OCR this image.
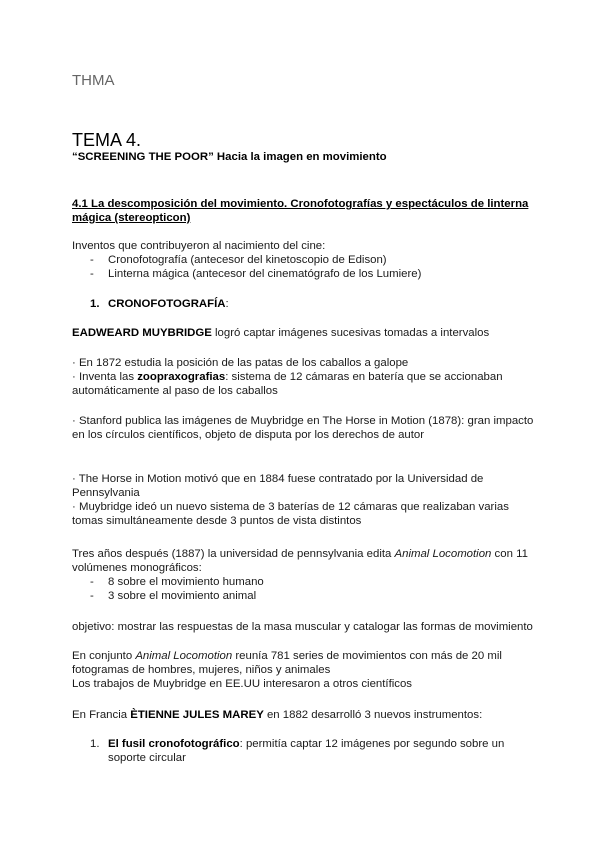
THMA
TEMA 4.
“SCREENING THE POOR” Hacia la imagen en movimiento
4.1 La descomposición del movimiento. Cronofotografías y espectáculos de linterna
mágica (stereopticon)
Inventos que contribuyeron al nacimiento del cine:
- Cronofotografía (antecesor del kinetoscopio de Edison)
- Linterna mágica (antecesor del cinematógrafo de los Lumiere)
1. CRONOFOTOGRAFÍA:
EADWEARD MUYBRIDGE logró captar imágenes sucesivas tomadas a intervalos
· En 1872 estudia la posición de las patas de los caballos a galope
· Inventa las zoopraxografias: sistema de 12 cámaras en batería que se accionaban
automáticamente al paso de los caballos
· Stanford publica las imágenes de Muybridge en The Horse in Motion (1878): gran impacto
en los círculos científicos, objeto de disputa por los derechos de autor
· The Horse in Motion motivó que en 1884 fuese contratado por la Universidad de
Pennsylvania
· Muybridge ideó un nuevo sistema de 3 baterías de 12 cámaras que realizaban varias
tomas simultáneamente desde 3 puntos de vista distintos
Tres años después (1887) la universidad de pennsylvania edita Animal Locomotion con 11
volúmenes monográficos:
- 8 sobre el movimiento humano
- 3 sobre el movimiento animal
objetivo: mostrar las respuestas de la masa muscular y catalogar las formas de movimiento
En conjunto Animal Locomotion reunía 781 series de movimientos con más de 20 mil
fotogramas de hombres, mujeres, niños y animales
Los trabajos de Muybridge en EE.UU interesaron a otros científicos
En Francia ÈTIENNE JULES MAREY en 1882 desarrolló 3 nuevos instrumentos:
1. El fusil cronofotográfico: permitía captar 12 imágenes por segundo sobre un
soporte circular
